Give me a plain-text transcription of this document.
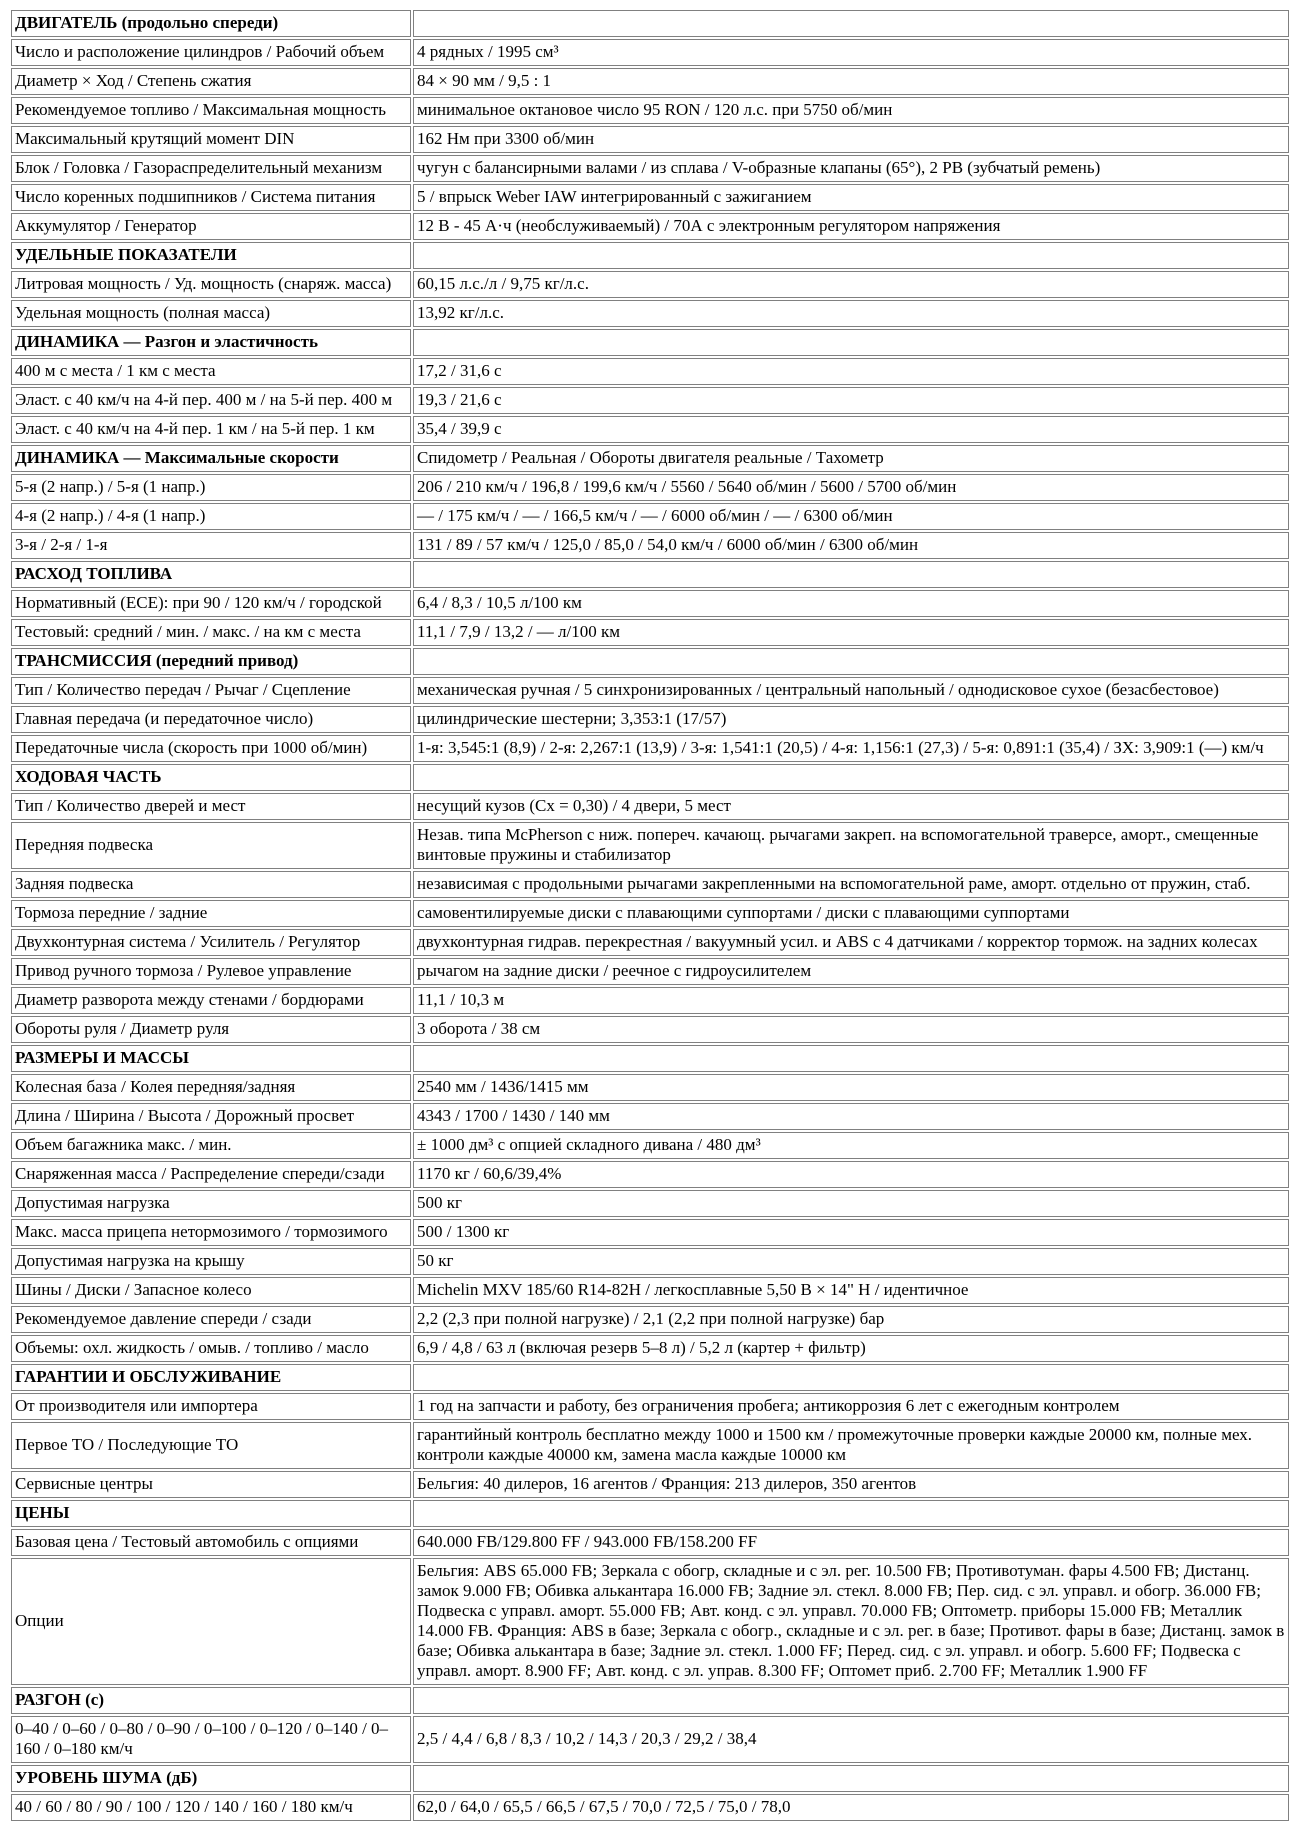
ДВИГАТЕЛЬ (продольно спереди)	
Число и расположение цилиндров / Рабочий объем	4 рядных / 1995 см³
Диаметр × Ход / Степень сжатия	84 × 90 мм / 9,5 : 1
Рекомендуемое топливо / Максимальная мощность	минимальное октановое число 95 RON / 120 л.с. при 5750 об/мин
Максимальный крутящий момент DIN	162 Нм при 3300 об/мин
Блок / Головка / Газораспределительный механизм	чугун с балансирными валами / из сплава / V-образные клапаны (65°), 2 РВ (зубчатый ремень)
Число коренных подшипников / Система питания	5 / впрыск Weber IAW интегрированный с зажиганием
Аккумулятор / Генератор	12 В - 45 А·ч (необслуживаемый) / 70А с электронным регулятором напряжения
УДЕЛЬНЫЕ ПОКАЗАТЕЛИ	
Литровая мощность / Уд. мощность (снаряж. масса)	60,15 л.с./л / 9,75 кг/л.с.
Удельная мощность (полная масса)	13,92 кг/л.с.
ДИНАМИКА — Разгон и эластичность	
400 м с места / 1 км с места	17,2 / 31,6 с
Эласт. с 40 км/ч на 4-й пер. 400 м / на 5-й пер. 400 м	19,3 / 21,6 с
Эласт. с 40 км/ч на 4-й пер. 1 км / на 5-й пер. 1 км	35,4 / 39,9 с
ДИНАМИКА — Максимальные скорости	Спидометр / Реальная / Обороты двигателя реальные / Тахометр
5-я (2 напр.) / 5-я (1 напр.)	206 / 210 км/ч / 196,8 / 199,6 км/ч / 5560 / 5640 об/мин / 5600 / 5700 об/мин
4-я (2 напр.) / 4-я (1 напр.)	— / 175 км/ч / — / 166,5 км/ч / — / 6000 об/мин / — / 6300 об/мин
3-я / 2-я / 1-я	131 / 89 / 57 км/ч / 125,0 / 85,0 / 54,0 км/ч / 6000 об/мин / 6300 об/мин
РАСХОД ТОПЛИВА	
Нормативный (ЕСЕ): при 90 / 120 км/ч / городской	6,4 / 8,3 / 10,5 л/100 км
Тестовый: средний / мин. / макс. / на км с места	11,1 / 7,9 / 13,2 / — л/100 км
ТРАНСМИССИЯ (передний привод)	
Тип / Количество передач / Рычаг / Сцепление	механическая ручная / 5 синхронизированных / центральный напольный / однодисковое сухое (безасбестовое)
Главная передача (и передаточное число)	цилиндрические шестерни; 3,353:1 (17/57)
Передаточные числа (скорость при 1000 об/мин)	1-я: 3,545:1 (8,9) / 2-я: 2,267:1 (13,9) / 3-я: 1,541:1 (20,5) / 4-я: 1,156:1 (27,3) / 5-я: 0,891:1 (35,4) / ЗХ: 3,909:1 (—) км/ч
ХОДОВАЯ ЧАСТЬ	
Тип / Количество дверей и мест	несущий кузов (Cx = 0,30) / 4 двери, 5 мест
Передняя подвеска	Незав. типа McPherson с ниж. попереч. качающ. рычагами закреп. на вспомогательной траверсе, аморт., смещенные винтовые пружины и стабилизатор
Задняя подвеска	независимая с продольными рычагами закрепленными на вспомогательной раме, аморт. отдельно от пружин, стаб.
Тормоза передние / задние	самовентилируемые диски с плавающими суппортами / диски с плавающими суппортами
Двухконтурная система / Усилитель / Регулятор	двухконтурная гидрав. перекрестная / вакуумный усил. и ABS с 4 датчиками / корректор тормож. на задних колесах
Привод ручного тормоза / Рулевое управление	рычагом на задние диски / реечное с гидроусилителем
Диаметр разворота между стенами / бордюрами	11,1 / 10,3 м
Обороты руля / Диаметр руля	3 оборота / 38 см
РАЗМЕРЫ И МАССЫ	
Колесная база / Колея передняя/задняя	2540 мм / 1436/1415 мм
Длина / Ширина / Высота / Дорожный просвет	4343 / 1700 / 1430 / 140 мм
Объем багажника макс. / мин.	± 1000 дм³ с опцией складного дивана / 480 дм³
Снаряженная масса / Распределение спереди/сзади	1170 кг / 60,6/39,4%
Допустимая нагрузка	500 кг
Макс. масса прицепа нетормозимого / тормозимого	500 / 1300 кг
Допустимая нагрузка на крышу	50 кг
Шины / Диски / Запасное колесо	Michelin MXV 185/60 R14-82H / легкосплавные 5,50 В × 14" Н / идентичное
Рекомендуемое давление спереди / сзади	2,2 (2,3 при полной нагрузке) / 2,1 (2,2 при полной нагрузке) бар
Объемы: охл. жидкость / омыв. / топливо / масло	6,9 / 4,8 / 63 л (включая резерв 5–8 л) / 5,2 л (картер + фильтр)
ГАРАНТИИ И ОБСЛУЖИВАНИЕ	
От производителя или импортера	1 год на запчасти и работу, без ограничения пробега; антикоррозия 6 лет с ежегодным контролем
Первое ТО / Последующие ТО	гарантийный контроль бесплатно между 1000 и 1500 км / промежуточные проверки каждые 20000 км, полные мех. контроли каждые 40000 км, замена масла каждые 10000 км
Сервисные центры	Бельгия: 40 дилеров, 16 агентов / Франция: 213 дилеров, 350 агентов
ЦЕНЫ	
Базовая цена / Тестовый автомобиль с опциями	640.000 FB/129.800 FF / 943.000 FB/158.200 FF
Опции	Бельгия: ABS 65.000 FB; Зеркала с обогр, складные и с эл. рег. 10.500 FB; Противотуман. фары 4.500 FB; Дистанц. замок 9.000 FB; Обивка алькантара 16.000 FB; Задние эл. стекл. 8.000 FB; Пер. сид. с эл. управл. и обогр. 36.000 FB; Подвеска с управл. аморт. 55.000 FB; Авт. конд. с эл. управл. 70.000 FB; Оптометр. приборы 15.000 FB; Металлик 14.000 FB. Франция: ABS в базе; Зеркала с обогр., складные и с эл. рег. в базе; Противот. фары в базе; Дистанц. замок в базе; Обивка алькантара в базе; Задние эл. стекл. 1.000 FF; Перед. сид. с эл. управл. и обогр. 5.600 FF; Подвеска с управл. аморт. 8.900 FF; Авт. конд. с эл. управ. 8.300 FF; Оптомет приб. 2.700 FF; Металлик 1.900 FF
РАЗГОН (с)	
0–40 / 0–60 / 0–80 / 0–90 / 0–100 / 0–120 / 0–140 / 0–160 / 0–180 км/ч	2,5 / 4,4 / 6,8 / 8,3 / 10,2 / 14,3 / 20,3 / 29,2 / 38,4
УРОВЕНЬ ШУМА (дБ)	
40 / 60 / 80 / 90 / 100 / 120 / 140 / 160 / 180 км/ч	62,0 / 64,0 / 65,5 / 66,5 / 67,5 / 70,0 / 72,5 / 75,0 / 78,0
